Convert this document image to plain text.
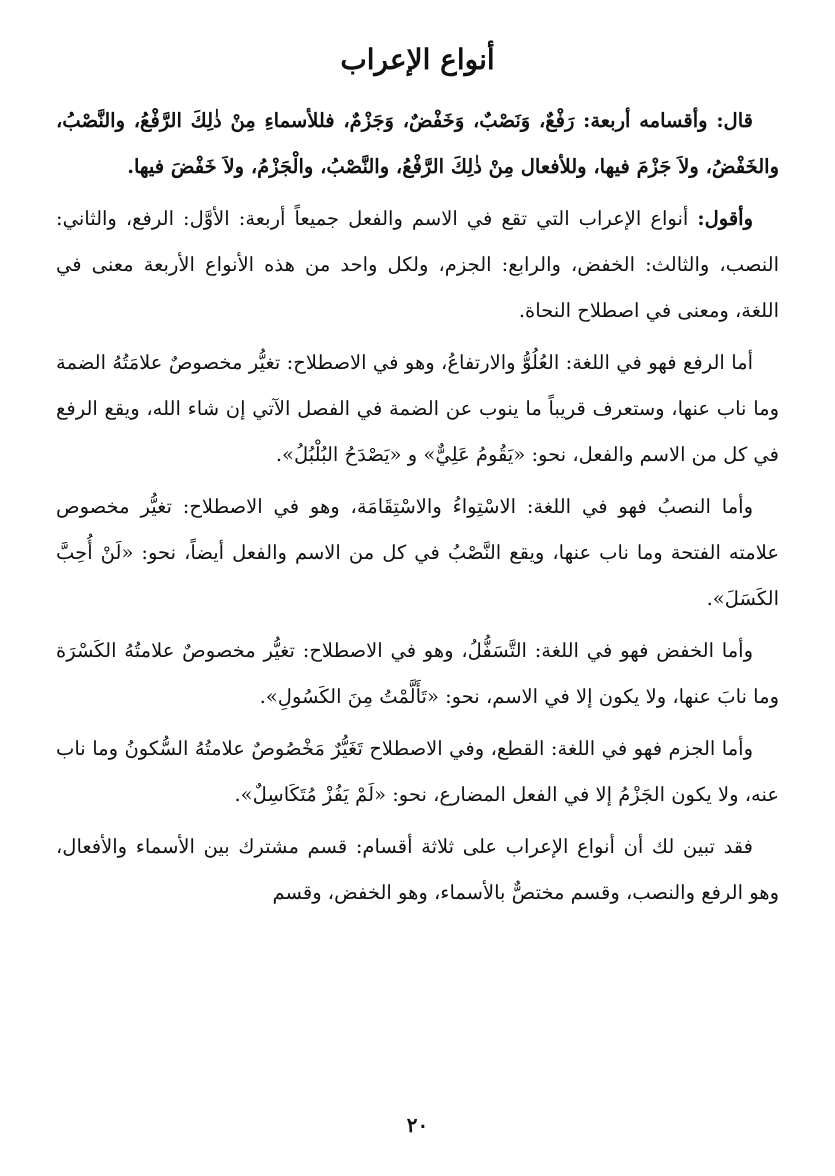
أنواع الإعراب

قال: وأقسامه أربعة: رَفْعٌ، وَنَصْبٌ، وَخَفْضٌ، وَجَزْمٌ، فللأسماءِ مِنْ ذٰلِكَ الرَّفْعُ، والنَّصْبُ، والخَفْضُ، ولاَ جَزْمَ فيها، وللأفعال مِنْ ذٰلِكَ الرَّفْعُ، والنَّصْبُ، والْجَزْمُ، ولاَ خَفْضَ فيها.

وأقول: أنواع الإعراب التي تقع في الاسم والفعل جميعاً أربعة: الأوَّل: الرفع، والثاني: النصب، والثالث: الخفض، والرابع: الجزم، ولكل واحد من هذه الأنواع الأربعة معنى في اللغة، ومعنى في اصطلاح النحاة.

أما الرفع فهو في اللغة: العُلُوُّ والارتفاعُ، وهو في الاصطلاح: تغيُّر مخصوصٌ علامَتُهُ الضمة وما ناب عنها، وستعرف قريباً ما ينوب عن الضمة في الفصل الآتي إن شاء الله، ويقع الرفع في كل من الاسم والفعل، نحو: «يَقُومُ عَلِيٌّ» و «يَصْدَحُ البُلْبُلُ».

وأما النصبُ فهو في اللغة: الاسْتِواءُ والاسْتِقَامَة، وهو في الاصطلاح: تغيُّر مخصوص علامته الفتحة وما ناب عنها، ويقع النَّصْبُ في كل من الاسم والفعل أيضاً، نحو: «لَنْ أُحِبَّ الكَسَلَ».

وأما الخفض فهو في اللغة: التَّسَفُّلُ، وهو في الاصطلاح: تغيُّر مخصوصٌ علامتُهُ الكَسْرَة وما نابَ عنها، ولا يكون إلا في الاسم، نحو: «تَأَلَّمْتُ مِنَ الكَسُولِ».

وأما الجزم فهو في اللغة: القطع، وفي الاصطلاح تَغَيُّرٌ مَخْصُوصٌ علامتُهُ السُّكونُ وما ناب عنه، ولا يكون الجَزْمُ إلا في الفعل المضارع، نحو: «لَمْ يَفُزْ مُتَكَاسِلٌ».

فقد تبين لك أن أنواع الإعراب على ثلاثة أقسام: قسم مشترك بين الأسماء والأفعال، وهو الرفع والنصب، وقسم مختصٌّ بالأسماء، وهو الخفض، وقسم

٢٠
